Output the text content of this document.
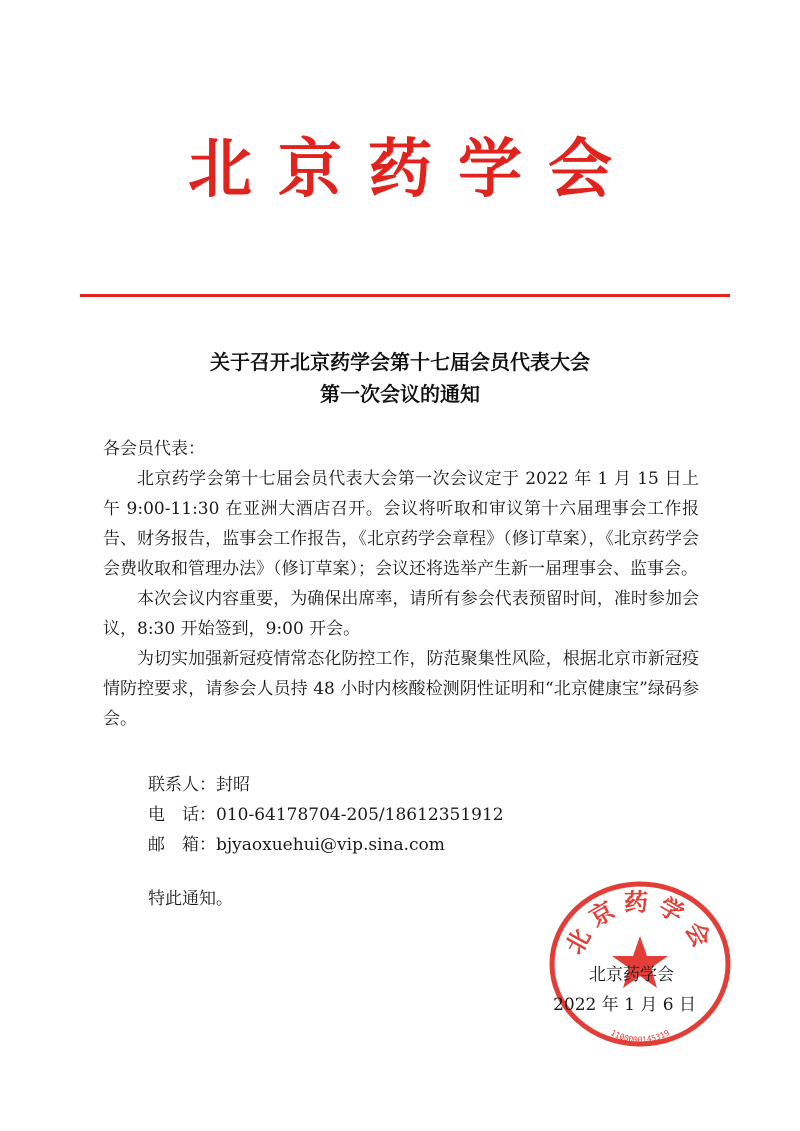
北京药学会
关于召开北京药学会第十七届会员代表大会
第一次会议的通知

各会员代表：

北京药学会第十七届会员代表大会第一次会议定于 2022 年 1 月 15 日上午 9:00-11:30 在亚洲大酒店召开。会议将听取和审议第十六届理事会工作报告、财务报告，监事会工作报告，《北京药学会章程》（修订草案），《北京药学会会费收取和管理办法》（修订草案）；会议还将选举产生新一届理事会、监事会。

本次会议内容重要，为确保出席率，请所有参会代表预留时间，准时参加会议，8:30 开始签到，9:00 开会。

为切实加强新冠疫情常态化防控工作，防范聚集性风险，根据北京市新冠疫情防控要求，请参会人员持 48 小时内核酸检测阴性证明和“北京健康宝”绿码参会。

联系人：封昭
电　话：010-64178704-205/18612351912
邮　箱：bjyaoxuehui@vip.sina.com
特此通知。
北京药学会
1100000145319
北京药学会
2022 年 1 月 6 日
